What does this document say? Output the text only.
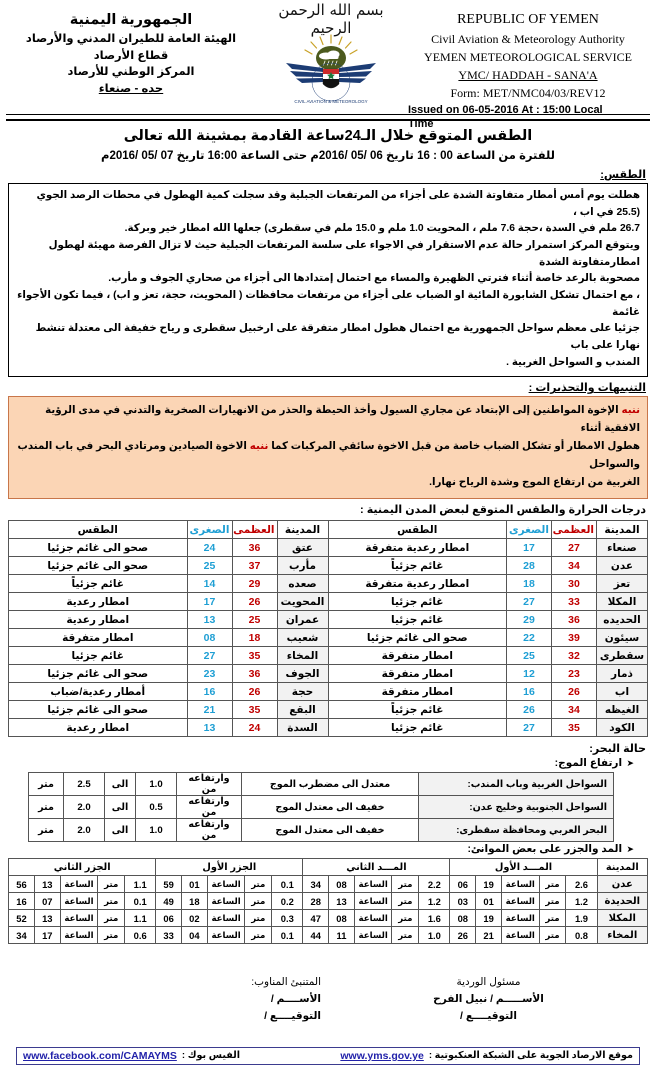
الجمهورية اليمنية
الهيئة العامة للطيران المدني والأرصاد
قطاع الأرصاد
المركز الوطني للأرصاد
حده - صنعاء
بسم الله الرحمن الرحيم
CIVIL AVIATION & METEOROLOGY
REPUBLIC OF YEMEN
Civil Aviation & Meteorology Authority
YEMEN METEOROLOGICAL SERVICE
YMC/ HADDAH - SANA'A
Form: MET/NMC04/03/REV12
Issued on 06-05-2016 At : 15:00 Local
Time
الطقس المتوقع خلال الـ24ساعة القادمة بمشينة الله تعالى
للفترة من الساعة 00 : 16 تاريخ 06 /05 /2016م حتى الساعة 16:00 تاريخ 07 /05 /2016م
الطقس:

هطلت يوم أمس أمطار متفاوتة الشدة على أجزاء من المرتفعات الجبلية وقد سجلت كمية الهطول في محطات الرصد الجوي (25.5 في اب ،

26.7 ملم في السدة ،حجة 7.6 ملم ، المحويت 1.0 ملم و 15.0 ملم في سقطرى) جعلها الله امطار خير وبركة.

ويتوقع المركز استمرار حالة عدم الاستقرار في الاجواء على سلسة المرتفعات الجبلية حيث لا تزال الفرصة مهيئة لهطول امطارمتفاوتة الشدة

مصحوبة بالرعد خاصة أثناء فترتي الظهيرة والمساء مع احتمال إمتدادها الى أجزاء من صحاري الجوف و مأرب.

، مع احتمال تشكل الشابورة المائية او الضباب على أجزاء من مرتفعات محافظات ( المحويت، حجة، تعز و اب) ، فيما تكون الأجواء غائمة

جزئيا على معظم سواحل الجمهورية مع احتمال هطول امطار متفرقة على ارخبيل سقطرى و رياح خفيفة الى معتدلة تنشط نهارا على باب

المندب و السواحل الغربية .

التنبيهات والتحذيرات :

ننبه الإخوة المواطنين إلى الإبتعاد عن مجاري السيول وأخذ الحيطة والحذر من الانهيارات الصخرية والتدني في مدى الرؤية الافقية أثناء

هطول الامطار أو تشكل الضباب خاصة من قبل الاخوة سائقي المركبات كما ننبه الاخوة الصيادين ومرتادي البحر في باب المندب والسواحل

الغربية من ارتفاع الموج وشدة الرياح نهارا.

درجات الحرارة والطقس المتوقع لبعض المدن اليمنية :
المدينة	العظمى	الصغرى	الطقس	المدينة	العظمى	الصغرى	الطقس
صنعاء	27	17	امطار رعدية متفرقة	عتق	36	24	صحو الى غائم جزئيا
عدن	34	28	غائم جزئياً	مأرب	37	25	صحو الى غائم جزئيا
تعز	30	18	امطار رعدية متفرقة	صعده	29	14	غائم جزئياً
المكلا	33	27	غائم جزئيا	المحويت	26	17	امطار رعدية
الحديده	36	29	غائم جزئيا	عمران	25	13	امطار رعدية
سيئون	39	22	صحو الى غائم جزئيا	شعيب	18	08	امطار متفرقة
سقطرى	32	25	امطار متفرقة	المخاء	35	27	غائم جزئيا
ذمار	23	12	امطار متفرقة	الجوف	36	23	صحو الى غائم جزئيا
اب	26	16	امطار متفرقة	حجة	26	16	أمطار رعدية/ضباب
الغيظه	34	26	غائم جزئياً	البقع	35	21	صحو الى غائم جزئيا
الكود	35	27	غائم جزئيا	السدة	24	13	امطار رعدية
حالة البحر:
➤ ارتفاع الموج:
السواحل الغربية وباب المندب:	معتدل الى مضطرب الموج	وارتفاعه من	1.0	الى	2.5	متر
السواحل الجنوبية وخليج عدن:	خفيف الى معتدل الموج	وارتفاعه من	0.5	الى	2.0	متر
البحر العربي ومحافظة سقطرى:	خفيف الى معتدل الموج	وارتفاعه من	1.0	الى	2.0	متر
➤ المد والجزر على بعض الموانئ:
المدينة	المـــد الأول					المـــد الثاني					الجزر الأول					الجزر الثاني				
عدن	2.6	متر	الساعة	19	06	2.2	متر	الساعة	08	34	0.1	متر	الساعة	01	59	1.1	متر	الساعة	13	56
الحديدة	1.2	متر	الساعة	01	03	1.2	متر	الساعة	13	28	0.2	متر	الساعة	18	49	0.1	متر	الساعة	07	16
المكلا	1.9	متر	الساعة	19	08	1.6	متر	الساعة	08	47	0.3	متر	الساعة	02	06	1.1	متر	الساعة	13	52
المخاء	0.8	متر	الساعة	21	26	1.0	متر	الساعة	11	44	0.1	متر	الساعة	04	33	0.6	متر	الساعة	17	34
المتنبئ المناوب:
الأســــم /
التوقيــــع /
مسئول الوردية
الأســـــم / نبيل الفرح
التوقيــــع /
موقع الارصاد الجوية على الشبكة العنكبوتية :
www.yms.gov.ye
الفيس بوك :
www.facebook.com/CAMAYMS
